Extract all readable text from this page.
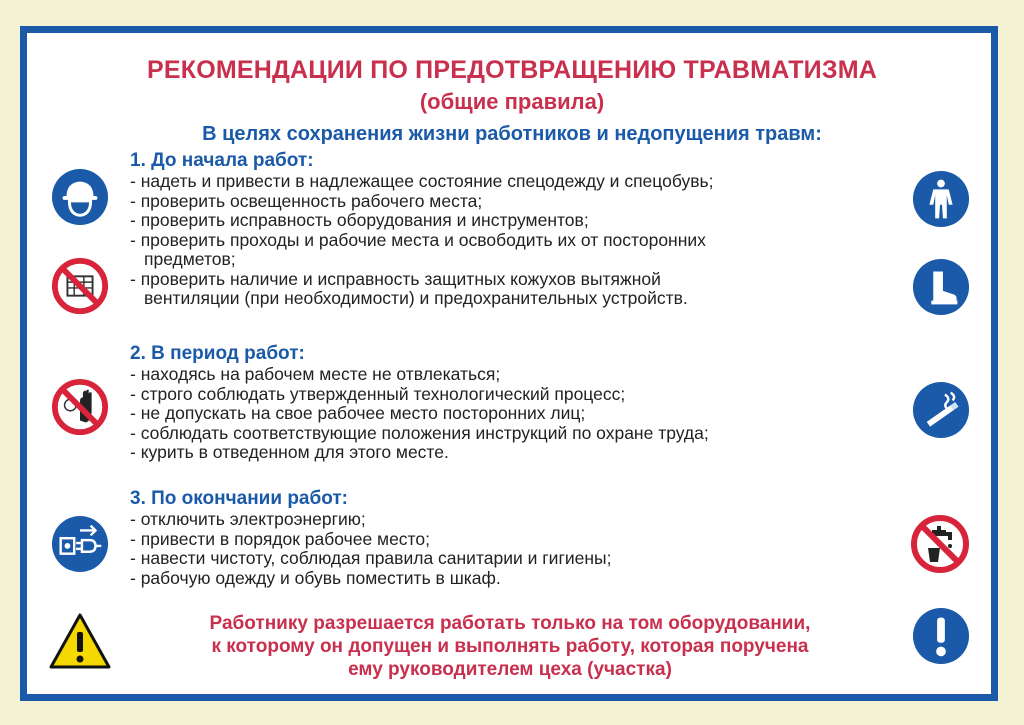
РЕКОМЕНДАЦИИ ПО ПРЕДОТВРАЩЕНИЮ ТРАВМАТИЗМА
(общие правила)
В целях сохранения жизни работников и недопущения травм:
1. До начала работ:
- надеть и привести в надлежащее состояние спецодежду и спецобувь;
- проверить освещенность рабочего места;
- проверить исправность оборудования и инструментов;
- проверить проходы и рабочие места и освободить их от посторонних
предметов;
- проверить наличие и исправность защитных кожухов вытяжной
вентиляции (при необходимости) и предохранительных устройств.
2. В период работ:
- находясь на рабочем месте не отвлекаться;
- строго соблюдать утвержденный технологический процесс;
- не допускать на свое рабочее место посторонних лиц;
- соблюдать соответствующие положения инструкций по охране труда;
- курить в отведенном для этого месте.
3. По окончании работ:
- отключить электроэнергию;
- привести в порядок рабочее место;
- навести чистоту, соблюдая правила санитарии и гигиены;
- рабочую одежду и обувь поместить в шкаф.
Работнику разрешается работать только на том оборудовании,
к которому он допущен и выполнять работу, которая поручена
ему руководителем цеха (участка)
